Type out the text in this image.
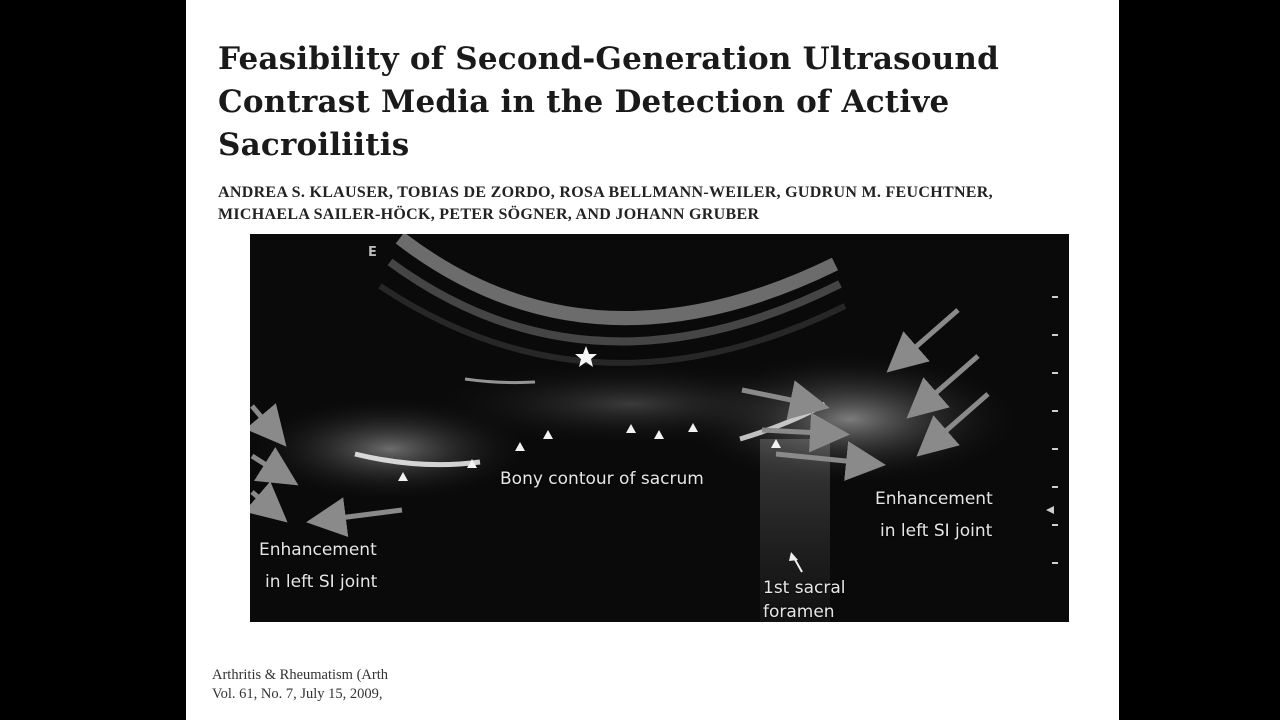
Feasibility of Second-Generation Ultrasound
Contrast Media in the Detection of Active
Sacroiliitis
ANDREA S. KLAUSER, TOBIAS DE ZORDO, ROSA BELLMANN-WEILER, GUDRUN M. FEUCHTNER,
MICHAELA SAILER-HÖCK, PETER SÖGNER, AND JOHANN GRUBER
E
Bony contour of sacrum
Enhancement
in left SI joint
Enhancement
in left SI joint
1st sacral
foramen
Arthritis & Rheumatism (Arth
Vol. 61, No. 7, July 15, 2009,
